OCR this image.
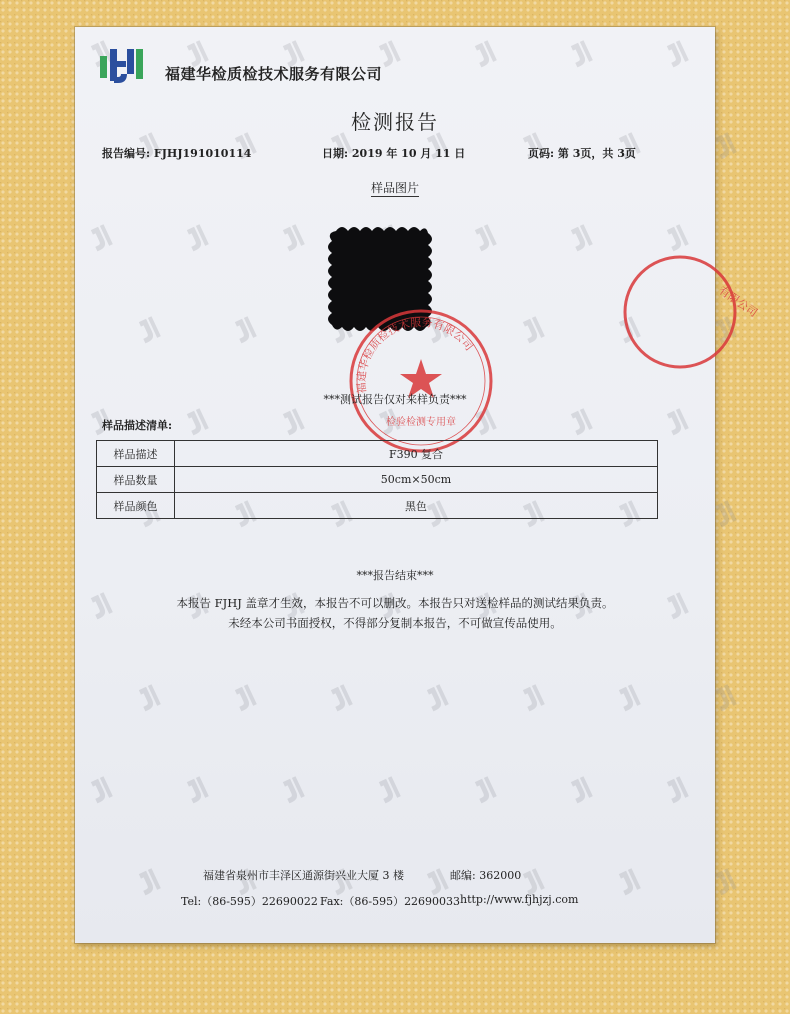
福建华检质检技术服务有限公司
检测报告
报告编号: FJHJ191010114	日期: 2019 年 10 月 11 日	页码: 第 3页，共 3页
样品图片
福建华检质检技术服务有限公司
检验检测专用章
有限公司
***测试报告仅对来样负责***
样品描述清单:
样品描述	F390 复合
样品数量	50cm×50cm
样品颜色	黑色
***报告结束***
本报告 FJHJ 盖章才生效，本报告不可以删改。本报告只对送检样品的测试结果负责。
未经本公司书面授权，不得部分复制本报告，不可做宣传品使用。
福建省泉州市丰泽区通源街兴业大厦 3 楼	邮编: 362000
Tel:（86-595）22690022 Fax:（86-595）22690033 http://www.fjhjzj.com
